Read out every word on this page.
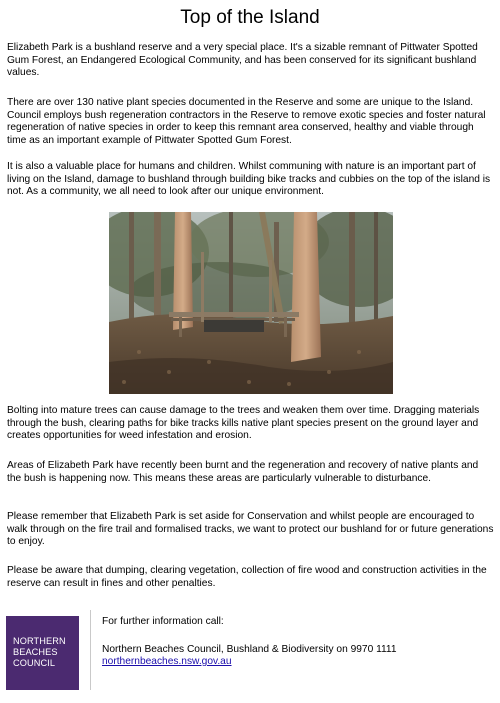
Top of the Island

Elizabeth Park is a bushland reserve and a very special place. It's a sizable remnant of Pittwater Spotted Gum Forest, an Endangered Ecological Community, and has been conserved for its significant bushland values.

There are over 130 native plant species documented in the Reserve and some are unique to the Island. Council employs bush regeneration contractors in the Reserve to remove exotic species and foster natural regeneration of native species in order to keep this remnant area conserved, healthy and viable through time as an important example of Pittwater Spotted Gum Forest.

It is also a valuable place for humans and children. Whilst communing with nature is an important part of living on the Island, damage to bushland through building bike tracks and cubbies on the top of the island is not. As a community, we all need to look after our unique environment.

Bolting into mature trees can cause damage to the trees and weaken them over time. Dragging materials through the bush, clearing paths for bike tracks kills native plant species present on the ground layer and creates opportunities for weed infestation and erosion.

Areas of Elizabeth Park have recently been burnt and the regeneration and recovery of native plants and the bush is happening now. This means these areas are particularly vulnerable to disturbance.

Please remember that Elizabeth Park is set aside for Conservation and whilst people are encouraged to walk through on the fire trail and formalised tracks, we want to protect our bushland for or future generations to enjoy.

Please be aware that dumping, clearing vegetation, collection of fire wood and construction activities in the reserve can result in fines and other penalties.

NORTHERN
BEACHES
COUNCIL
For further information call:
Northern Beaches Council, Bushland & Biodiversity on 9970 1111
northernbeaches.nsw.gov.au
